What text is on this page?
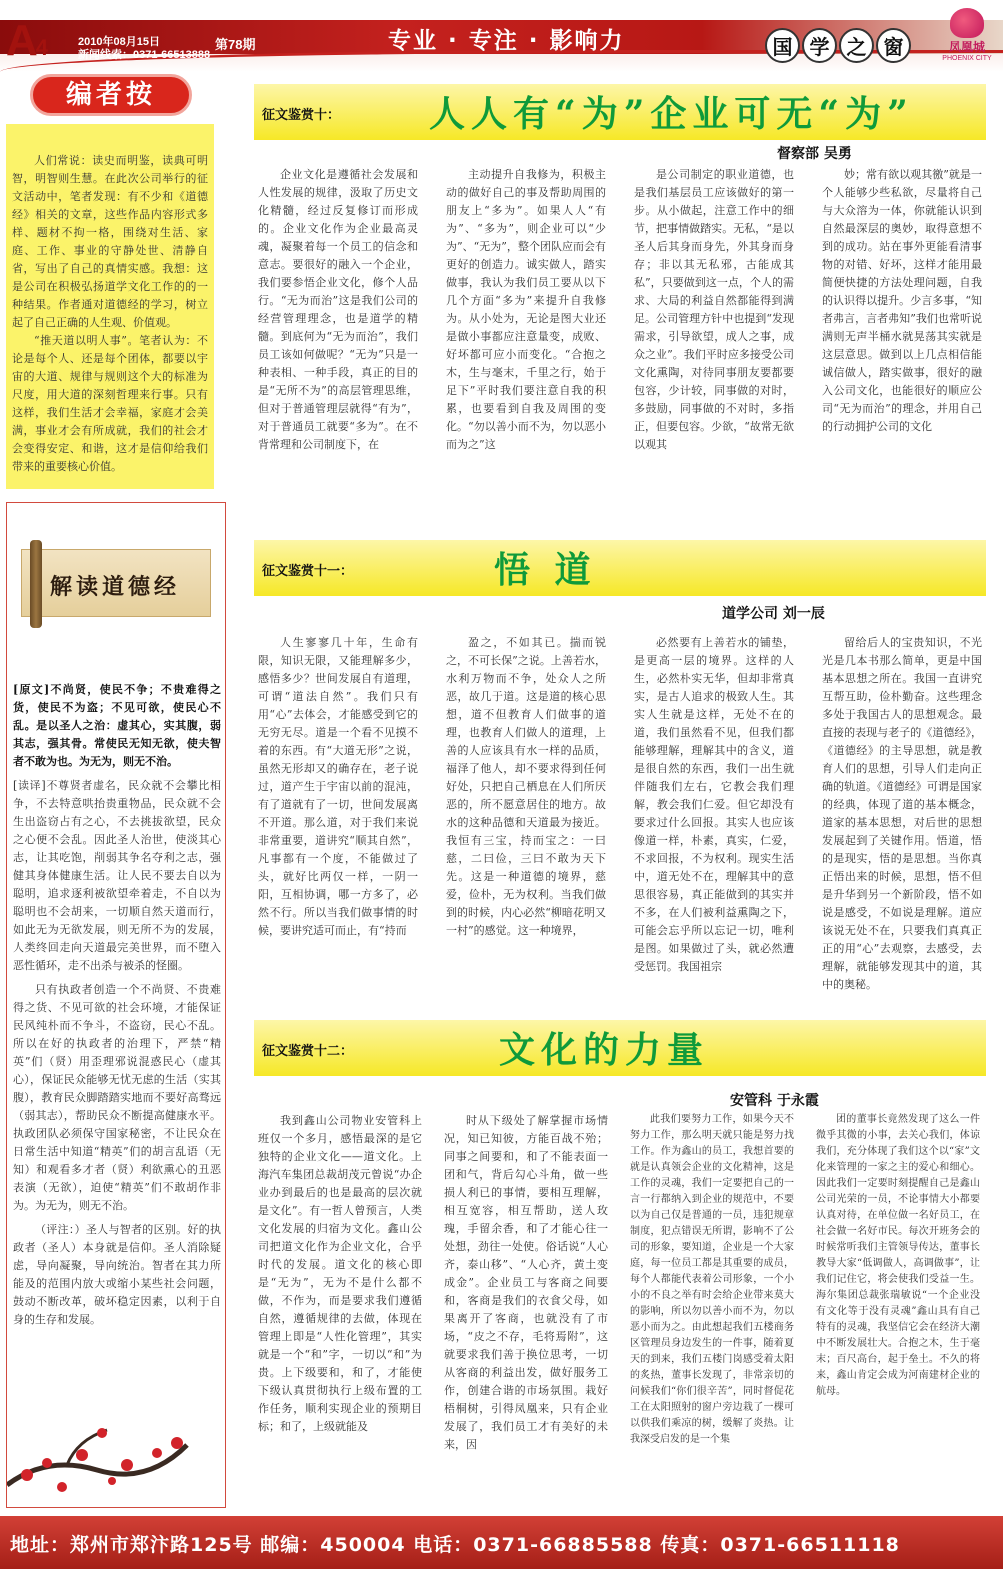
A4	2010年08月15日
新闻线索：0371-66513888
第78期	专业 · 专注 · 影响力	国 学 之 窗	凤凰城
PHOENIX CITY
编者按

人们常说：读史而明鉴，读典可明智，明智则生慧。在此次公司举行的征文活动中，笔者发现：有不少和《道德经》相关的文章，这些作品内容形式多样、题材不拘一格，围绕对生活、家庭、工作、事业的守静处世、清静自省，写出了自己的真情实感。我想：这是公司在积极弘扬道学文化工作的的一种结果。作者通对道德经的学习，树立起了自己正确的人生观、价值观。

“推天道以明人事”。笔者认为：不论是每个人、还是每个团体，都要以宇宙的大道、规律与规则这个大的标准为尺度，用大道的深刻哲理来行事。只有这样，我们生活才会幸福，家庭才会美满，事业才会有所成就，我们的社会才会变得安定、和谐，这才是信仰给我们带来的重要核心价值。

解读道德经

[原文]不尚贤，使民不争；不贵难得之货，使民不为盗；不见可欲，使民心不乱。是以圣人之治：虚其心，实其腹，弱其志，强其骨。常使民无知无欲，使夫智者不敢为也。为无为，则无不治。

[读译]不尊贤者虚名，民众就不会攀比相争，不去特意哄抬贵重物品，民众就不会生出盗窃占有之心，不去挑拔欲望，民众之心便不会乱。因此圣人治世，使淡其心志，让其吃饱，削弱其争名夺利之志，强健其身体健康生活。让人民不要去自以为聪明，追求逐利被欲望牵着走，不自以为聪明也不会胡来，一切顺自然天道而行，如此无为无欲发展，则无所不为的发展，人类终回走向天道最完美世界，而不堕入恶性循环，走不出杀与被杀的怪圈。

只有执政者创造一个不尚贤、不贵难得之货、不见可欲的社会环境，才能保证民风纯朴而不争斗，不盗窃，民心不乱。所以在好的执政者的治理下，严禁“精英”们（贤）用歪理邪说混惑民心（虚其心），保证民众能够无忧无虑的生活（实其腹），教育民众脚踏踏实地而不要好高骛远（弱其志），帮助民众不断提高健康水平。执政团队必须保守国家秘密，不让民众在日常生活中知道“精英”们的胡言乱语（无知）和观看多才者（贤）利欲熏心的丑恶表演（无欲），迫使“精英”们不敢胡作非为。为无为，则无不治。

（评注：）圣人与智者的区别。好的执政者（圣人）本身就是信仰。圣人消除疑虑，导向凝聚，导向统治。智者在其力所能及的范围内放大或缩小某些社会问题，鼓动不断改革，破坏稳定因素，以利于自身的生存和发展。

征文鉴赏十： 人人有“为”企业可无“为”
督察部 吴勇

企业文化是遵循社会发展和人性发展的规律，汲取了历史文化精髓，经过反复修订而形成的。企业文化作为企业最高灵魂，凝聚着每一个员工的信念和意志。要很好的融入一个企业，我们要参悟企业文化，修个人品行。“无为而治”这是我们公司的经营管理理念，也是道学的精髓。到底何为“无为而治”，我们员工该如何做呢？“无为”只是一种表相、一种手段，真正的目的是“无所不为”的高层管理思维，但对于普通管理层就得“有为”，对于普通员工就要“多为”。在不背常理和公司制度下，在

主动提升自我修为，积极主动的做好自己的事及帮助周围的朋友上“多为”。如果人人“有为”、“多为”，则企业可以“少为”、“无为”，整个团队应而会有更好的创造力。诚实做人，踏实做事，我认为我们员工要从以下几个方面“多为”来提升自我修为。从小处为，无论是图大业还是做小事都应注意量变，成败、好坏都可应小而变化。“合抱之木，生与毫末，千里之行，始于足下”平时我们要注意自我的积累，也要看到自我及周围的变化。“勿以善小而不为，勿以恶小而为之”这

是公司制定的职业道德，也是我们基层员工应该做好的第一步。从小做起，注意工作中的细节，把事情做踏实。无私，“是以圣人后其身而身先，外其身而身存；非以其无私邪，古能成其私”，只要做到这一点，个人的需求、大局的利益自然都能得到满足。公司管理方针中也提到“发现需求，引导欲望，成人之事，成众之业”。我们平时应多接受公司文化熏陶，对待同事朋友要都要包容，少计较，同事做的对时，多鼓励，同事做的不对时，多指正，但要包容。少欲，“故常无欲以观其

妙；常有欲以观其徼”就是一个人能够少些私欲，尽量将自己与大众溶为一体，你就能认识到自然最深层的奥妙，取得意想不到的成功。站在事外更能看清事物的对错、好坏，这样才能用最简便快捷的方法处理问题，自我的认识得以提升。少言多事，“知者弗言，言者弗知”我们也常听说满则无声半桶水就晃荡其实就是这层意思。做到以上几点相信能诚信做人，踏实做事，很好的融入公司文化，也能很好的顺应公司“无为而治”的理念，并用自己的行动拥护公司的文化

征文鉴赏十一：	悟 道
道学公司 刘一辰

人生寥寥几十年，生命有限，知识无限，又能理解多少，感悟多少？世间发展自有道理，可谓“道法自然”。我们只有用“心”去体会，才能感受到它的无穷无尽。道是一个看不见摸不着的东西。有“大道无形”之说，虽然无形却又的确存在，老子说过，道产生于宇宙以前的混沌，有了道就有了一切，世间发展离不开道。那么道，对于我们来说非常重要，道讲究“顺其自然”，凡事都有一个度，不能做过了头，就好比两仅一样，一阴一阳，互相协调，哪一方多了，必然不行。所以当我们做事情的时候，要讲究适可而止，有“持而

盈之，不如其已。揣而锐之，不可长保”之说。上善若水，水利万物而不争，处众人之所恶，故几于道。这是道的核心思想，道不但教育人们做事的道理，也教育人们做人的道理，上善的人应该具有水一样的品质，福泽了他人，却不要求得到任何好处，只把自己栖息在人们所厌恶的，所不愿意居住的地方。故水的这种品德和天道最为接近。我恒有三宝，持而宝之：一曰慈，二曰俭，三曰不敢为天下先。这是一种道德的境界，慈爱，俭朴，无为权利。当我们做到的时候，内心必然“柳暗花明又一村”的感觉。这一种境界，

必然要有上善若水的铺垫，是更高一层的境界。这样的人生，必然朴实无华，但却非常真实，是古人追求的极致人生。其实人生就是这样，无处不在的道，我们虽然看不见，但我们都能够理解，理解其中的含义，道是很自然的东西，我们一出生就伴随我们左右，它教会我们理解，教会我们仁爱。但它却没有要求过什么回报。其实人也应该像道一样，朴素，真实，仁爱，不求回报，不为权利。现实生活中，道无处不在，理解其中的意思很容易，真正能做到的其实并不多，在人们被利益熏陶之下，可能会忘乎所以忘记一切，唯利是图。如果做过了头，就必然遭受惩罚。我国祖宗

留给后人的宝贵知识，不光光是几本书那么简单，更是中国基本思想之所在。我国一直讲究互帮互助，俭朴勤奋。这些理念多处于我国古人的思想观念。最直接的表现与老子的《道德经》，《道德经》的主导思想，就是教育人们的思想，引导人们走向正确的轨道。《道德经》可谓是国家的经典，体现了道的基本概念，道家的基本思想，对后世的思想发展起到了关键作用。悟道，悟的是现实，悟的是思想。当你真正悟出来的时候，思想，悟不但是升华到另一个新阶段，悟不如说是感受，不如说是理解。道应该说无处不在，只要我们真真正正的用“心”去观察，去感受，去理解，就能够发现其中的道，其中的奥秘。

征文鉴赏十二：	文化的力量
安管科 于永霞

我到鑫山公司物业安管科上班仅一个多月，感悟最深的是它独特的企业文化——道文化。上海汽车集团总裁胡茂元曾说“办企业办到最后的也是最高的层次就是文化”。有一哲人曾预言，人类文化发展的归宿为文化。鑫山公司把道文化作为企业文化，合乎时代的发展。道文化的核心即是“无为”，无为不是什么都不做，不作为，而是要求我们遵循自然，遵循规律的去做，体现在管理上即是“人性化管理”，其实就是一个“和”字，一切以“和”为贵。上下级要和，和了，才能使下级认真贯彻执行上级布置的工作任务，顺利实现企业的预期目标；和了，上级就能及

时从下级处了解掌握市场情况，知已知彼，方能百战不殆；同事之间要和，和了不能表面一团和气，背后勾心斗角，做一些损人利已的事情，要相互理解，相互宽容，相互帮助，送人玫瑰，手留余香，和了才能心往一处想，劲往一处使。俗话说“人心齐，泰山移”、“人心齐，黄土变成金”。企业员工与客商之间要和，客商是我们的衣食父母，如果离开了客商，也就没有了市场，“皮之不存，毛将焉附”，这就要求我们善于换位思考，一切从客商的利益出发，做好服务工作，创建合谐的市场氛围。栽好梧桐树，引得凤凰来，只有企业发展了，我们员工才有美好的未来，因

此我们要努力工作，如果今天不努力工作，那么明天就只能是努力找工作。作为鑫山的员工，我想首要的就是认真领会企业的文化精神，这是工作的灵魂，我们一定要把自己的一言一行都纳入到企业的规范中，不要以为自己仅是普通的一员，违犯规章制度，犯点错误无所谓，影响不了公司的形象，要知道，企业是一个大家庭，每一位员工都是其重要的成员，每个人都能代表着公司形象，一个小小的不良之举有时会给企业带来莫大的影响，所以勿以善小而不为，勿以恶小而为之。由此想起我们五楼商务区管理员身边发生的一件事，随着夏天的到来，我们五楼门岗感受着太阳的炙热，董事长发现了，非常亲切的问候我们“你们很辛苦”，同时督促花工在太阳照射的窗户旁边栽了一棵可以供我们乘凉的树，缓解了炎热。让我深受启发的是一个集

团的董事长竟然发现了这么一件微乎其微的小事，去关心我们，体谅我们，充分体现了我们这个以“家”文化来管理的一家之主的爱心和细心。因此我们一定要时刻提醒自己是鑫山公司光荣的一员，不论事情大小都要认真对待，在单位做一名好员工，在社会做一名好市民。每次开班务会的时候常听我们主管领导传达，董事长教导大家“低调做人，高调做事”，让我们记住它，将会使我们受益一生。海尔集团总裁张瑞敏说“一个企业没有文化等于没有灵魂”鑫山具有自己特有的灵魂，我坚信它会在经济大潮中不断发展壮大。合抱之木，生于毫末；百尺高台，起于垒土。不久的将来，鑫山肯定会成为河南建材企业的航母。

地址：郑州市郑汴路125号 邮编：450004 电话：0371-66885588 传真：0371-66511118
